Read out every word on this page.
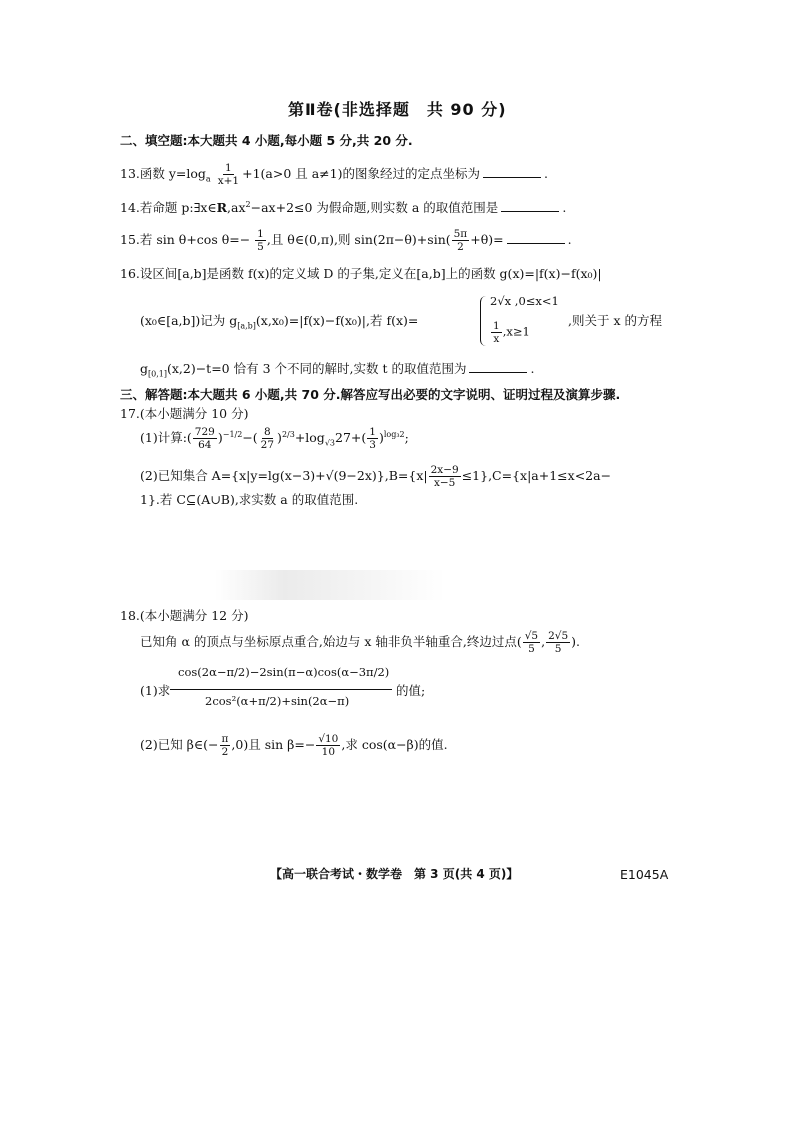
第Ⅱ卷(非选择题　共 90 分)
二、填空题:本大题共 4 小题,每小题 5 分,共 20 分.
13.函数 $y=\log_a \frac{1}{x+1} +1(a>0$ 且 a≠1)的图象经过的定点坐标为	.
14.若命题 $p:\exists x\in R,ax^2-ax+2\le 0$ 为假命题,则实数 a 的取值范围是	.
15.若 sin θ+cos $\theta=- \frac{1}{5}$ ,且 θ∈(0,π),则 $\sin(2\pi-\theta)+\sin( \frac{5\pi}{2} +\theta)=$	.
16.设区间[a,b]是函数 f(x)的定义域 D 的子集,定义在[a,b]上的函数 g(x)=|f(x)−f(x₀)|
(x₀∈[a,b])记为 $g_{[a,b]}(x,x_0)=|f(x)-f(x_0)|$,若 f(x)=
2√x ,0≤x<1
$\frac{1}{x} ,x\ge 1$
,则关于 x 的方程
$g_{[0,1]}(x,2)-t=0$ 恰有 3 个不同的解时,实数 t 的取值范围为	.
三、解答题:本大题共 6 小题,共 70 分.解答应写出必要的文字说明、证明过程及演算步骤.
17.(本小题满分 10 分)
(1)计算:( $\frac{729}{64} )^{-1/2}-( \frac{8}{27} )^{2/3}+\log_{√3}27+( \frac{1}{3} )^{log_32}$;
(2)已知集合 $A=\{x|y=\lg(x-3)+√(9-2x)\},B=\{x| \frac{2x-9}{x-5} \le 1\},C=\{x|a+1\le x<2a-$
1}.若 C⊆(A∪B),求实数 a 的取值范围.
18.(本小题满分 12 分)
已知角 α 的顶点与坐标原点重合,始边与 x 轴非负半轴重合,终边过点( $\frac{√5}{5}$ , $\frac{2√5}{5}$ ).
(1)求
cos(2α−π/2)−2sin(π−α)cos(α−3π/2)
2cos²(α+π/2)+sin(2α−π)
的值;
(2)已知 β∈(− $\frac{\pi}{2} ,0$)且 $\sin \beta=- \frac{√10}{10}$ ,求 cos(α−β)的值.
【高一联合考试・数学卷　第 3 页(共 4 页)】	E1045A
